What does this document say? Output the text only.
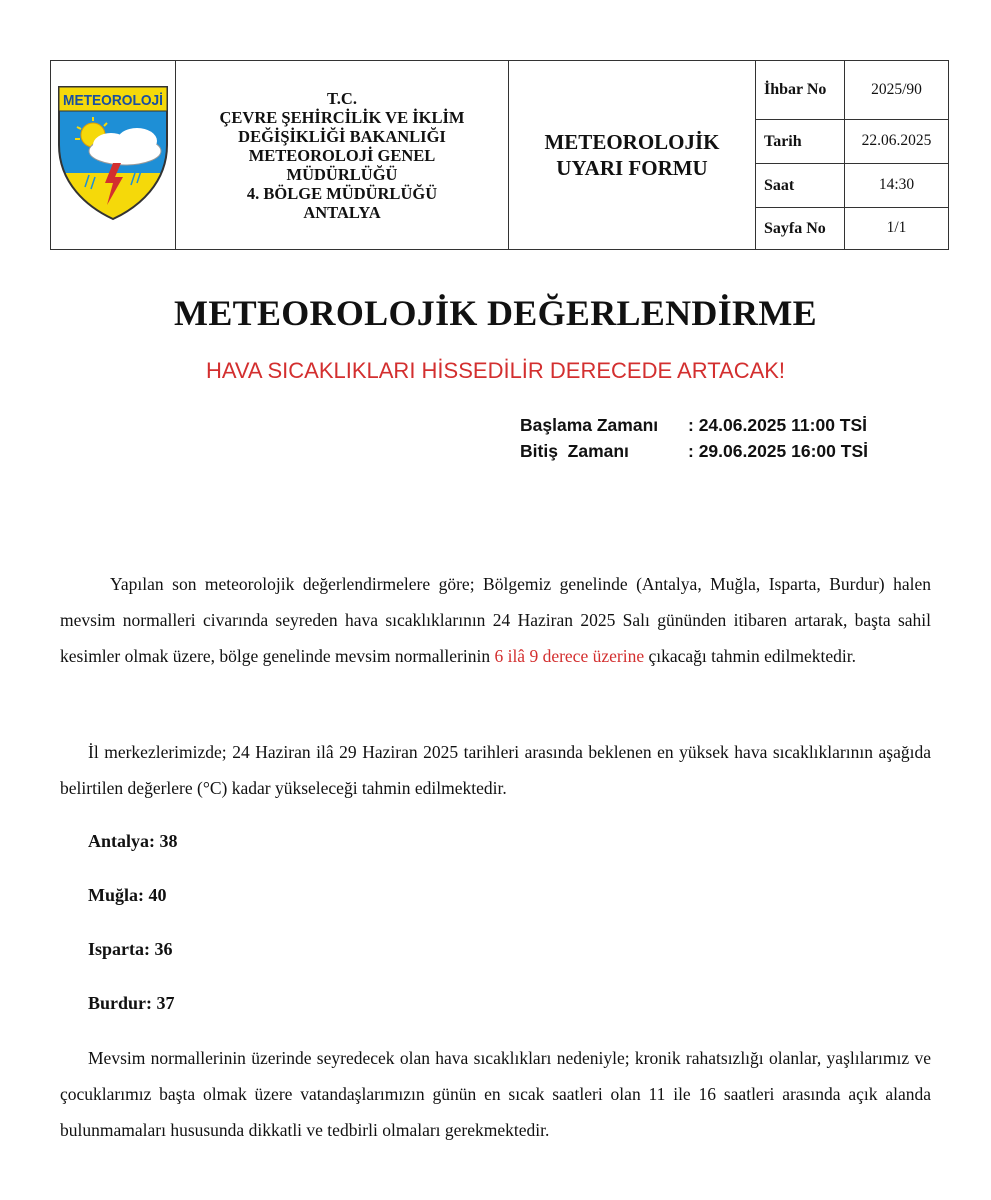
METEOROLOJİ	T.C.
ÇEVRE ŞEHİRCİLİK VE İKLİM
DEĞİŞİKLİĞİ BAKANLIĞI
METEOROLOJİ GENEL
MÜDÜRLÜĞÜ
4. BÖLGE MÜDÜRLÜĞÜ
ANTALYA

METEOROLOJİK
UYARI FORMU

İhbar No	2025/90
Tarih	22.06.2025
Saat	14:30
Sayfa No	1/1
METEOROLOJİK DEĞERLENDİRME
HAVA SICAKLIKLARI HİSSEDİLİR DERECEDE ARTACAK!
Başlama Zamanı : 24.06.2025 11:00 TSİ
Bitiş  Zamanı	: 29.06.2025 16:00 TSİ
Yapılan son meteorolojik değerlendirmelere göre; Bölgemiz genelinde (Antalya, Muğla, Isparta, Burdur) halen mevsim normalleri civarında seyreden hava sıcaklıklarının 24 Haziran 2025 Salı gününden itibaren artarak, başta sahil kesimler olmak üzere, bölge genelinde mevsim normallerinin 6 ilâ 9 derece üzerine çıkacağı tahmin edilmektedir.
İl merkezlerimizde; 24 Haziran ilâ 29 Haziran 2025 tarihleri arasında beklenen en yüksek hava sıcaklıklarının aşağıda belirtilen değerlere (°C) kadar yükseleceği tahmin edilmektedir.
Antalya: 38
Muğla: 40
Isparta: 36
Burdur: 37
Mevsim normallerinin üzerinde seyredecek olan hava sıcaklıkları nedeniyle; kronik rahatsızlığı olanlar, yaşlılarımız ve çocuklarımız başta olmak üzere vatandaşlarımızın günün en sıcak saatleri olan 11 ile 16 saatleri arasında açık alanda bulunmamaları hususunda dikkatli ve tedbirli olmaları gerekmektedir.
